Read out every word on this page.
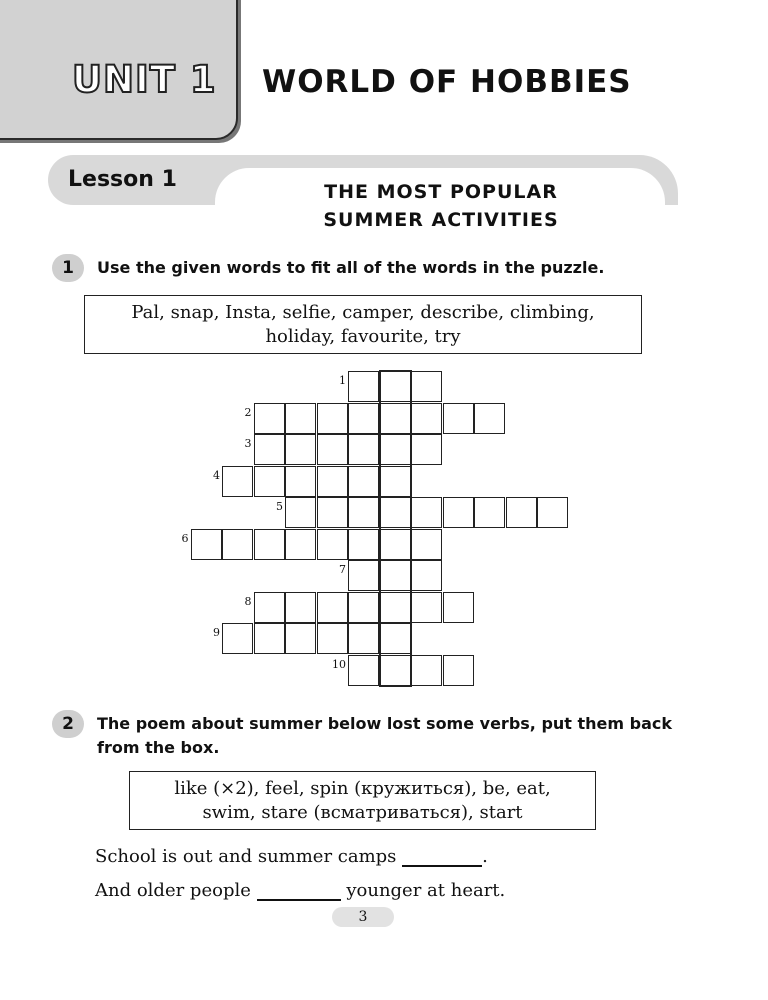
UNIT 1 WORLD OF HOBBIES
Lesson 1	THE MOST POPULAR
SUMMER ACTIVITIES
1	Use the given words to fit all of the words in the puzzle.
Pal, snap, Insta, selfie, camper, describe, climbing,
holiday, favourite, try
1
2
3
4
5
6
7
8
9
10
2	The poem about summer below lost some verbs, put them back
from the box.
like (×2), feel, spin (кружиться), be, eat,
swim, stare (всматриваться), start
School is out and summer camps	.
And older people	younger at heart.
3
